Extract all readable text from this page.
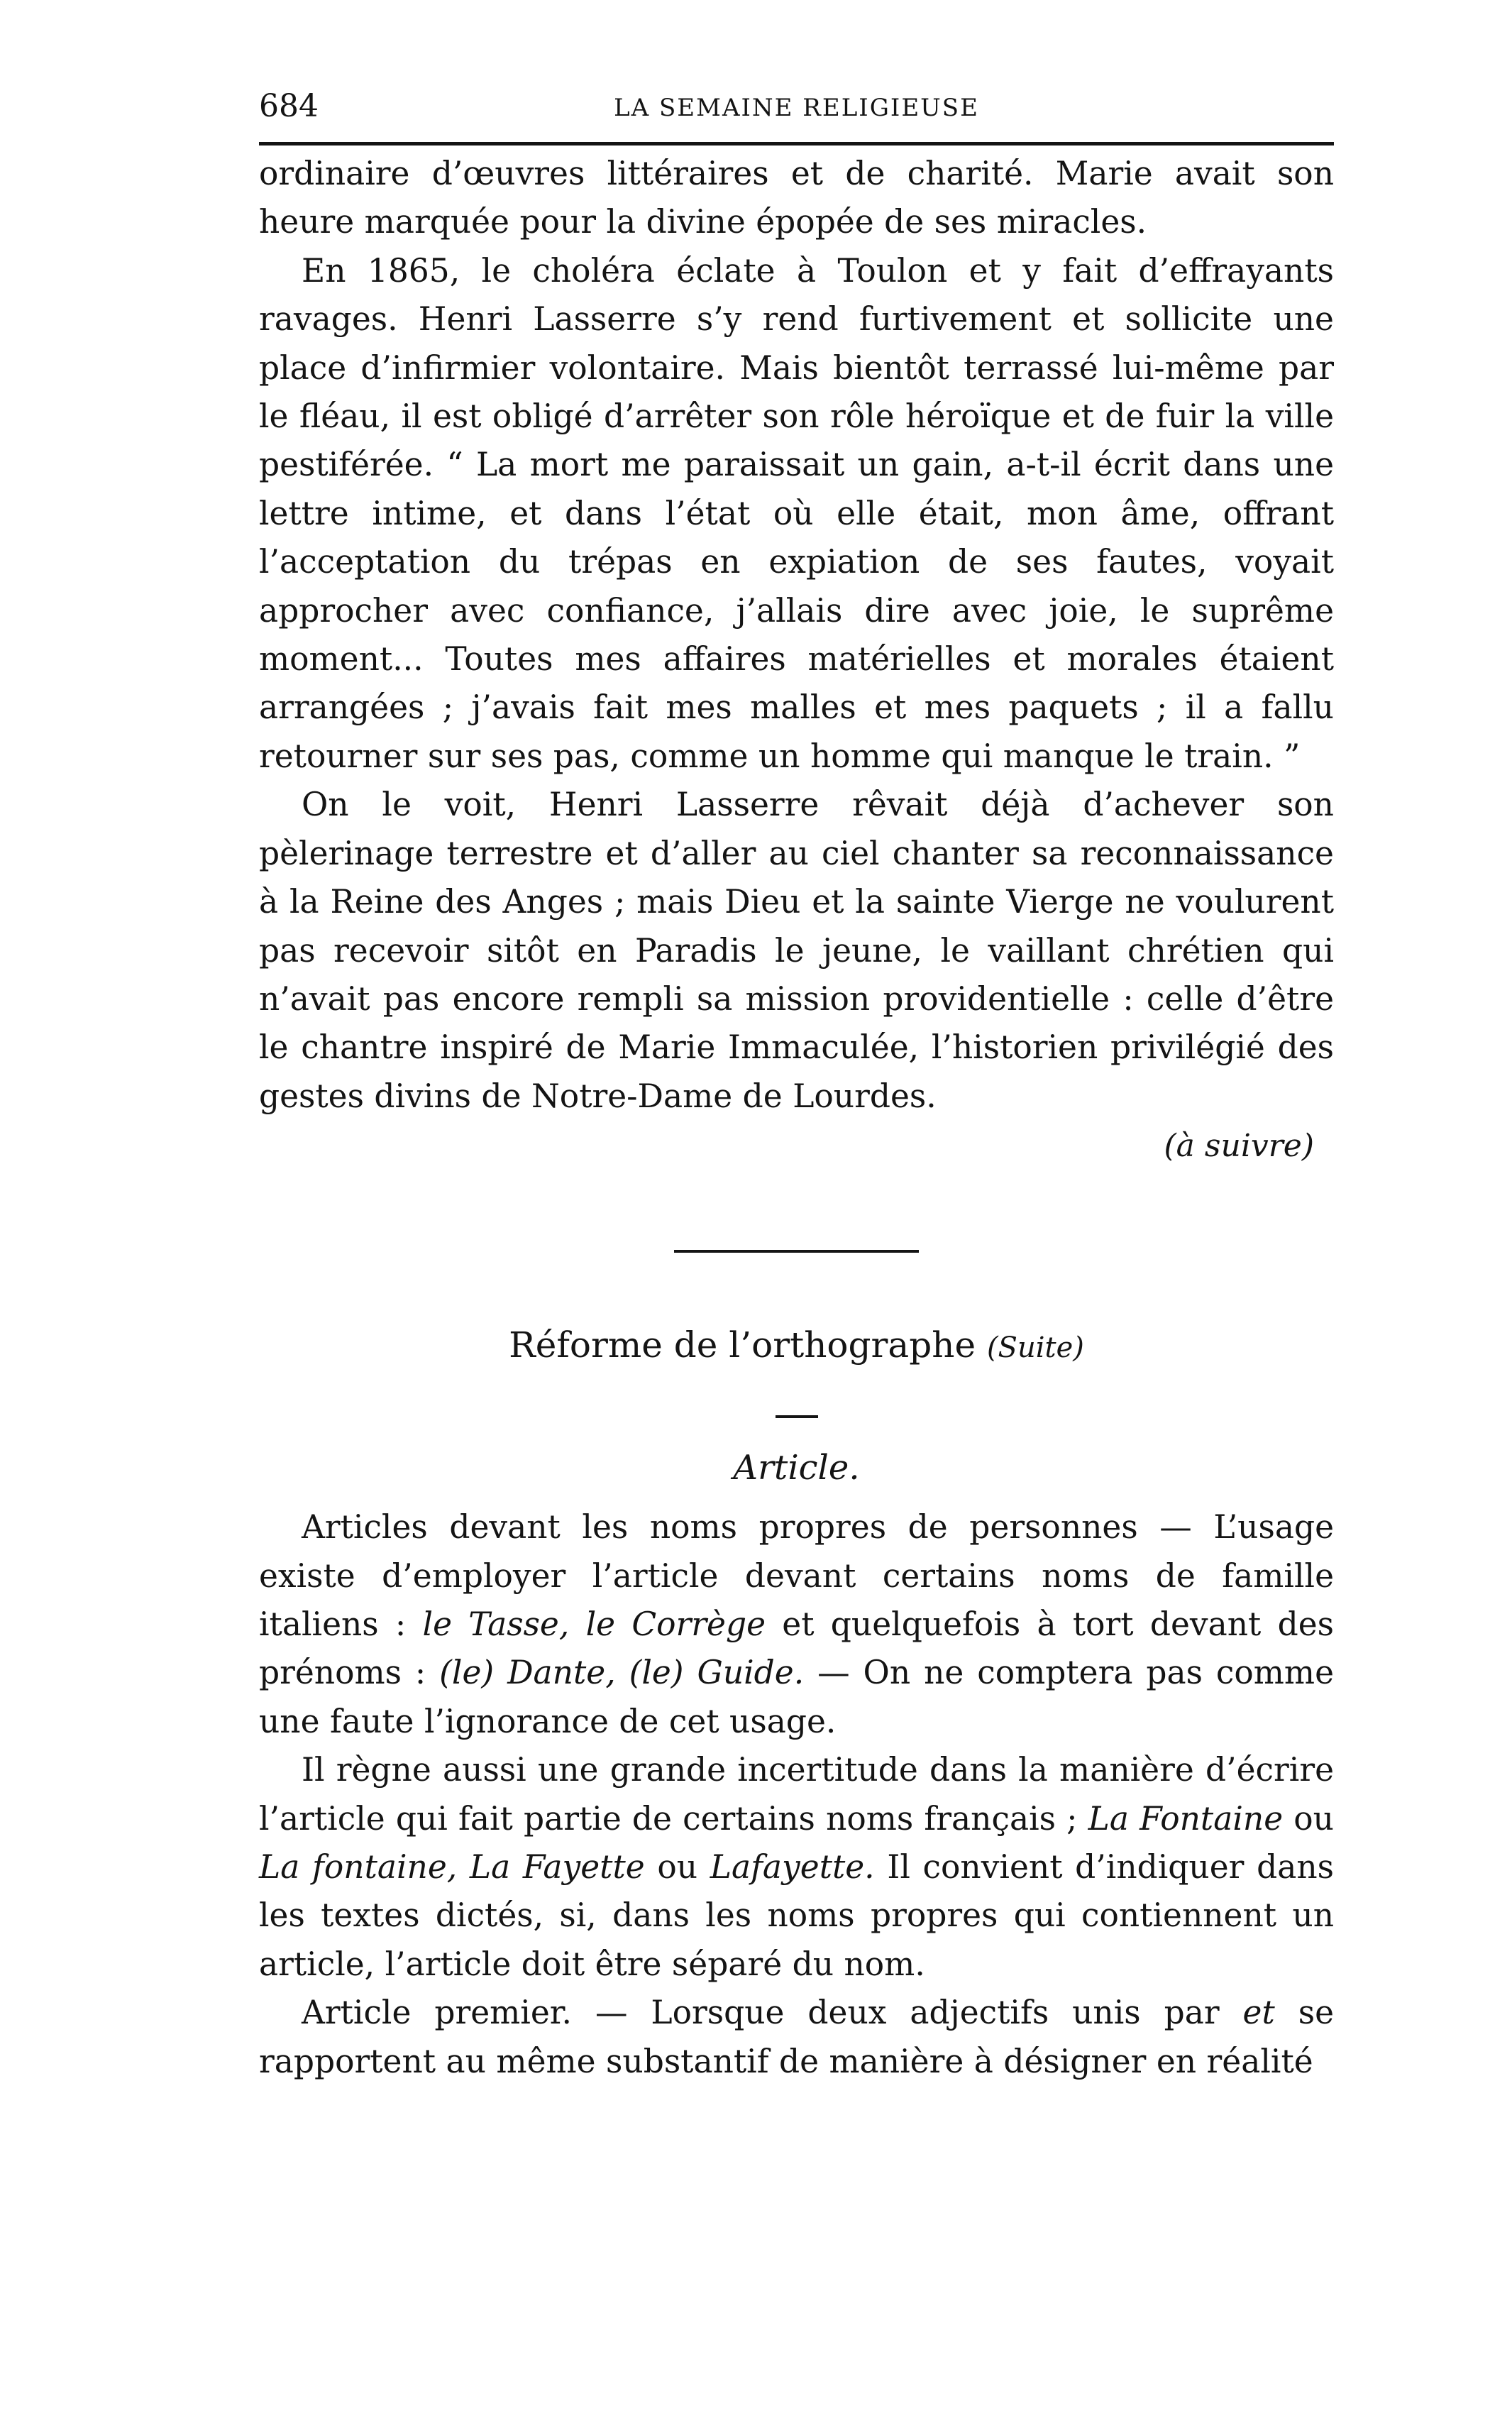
684	LA SEMAINE RELIGIEUSE

ordinaire d’œuvres littéraires et de charité. Marie avait son heure marquée pour la divine épopée de ses miracles.

En 1865, le choléra éclate à Toulon et y fait d’effrayants ravages. Henri Lasserre s’y rend furtivement et sollicite une place d’infirmier volontaire. Mais bientôt terrassé lui-même par le fléau, il est obligé d’arrêter son rôle héroïque et de fuir la ville pestiférée. “ La mort me paraissait un gain, a-t-il écrit dans une lettre intime, et dans l’état où elle était, mon âme, offrant l’acceptation du trépas en expiation de ses fautes, voyait approcher avec confiance, j’allais dire avec joie, le suprême moment... Toutes mes affaires matérielles et morales étaient arrangées ; j’avais fait mes malles et mes paquets ; il a fallu retourner sur ses pas, comme un homme qui manque le train. ”

On le voit, Henri Lasserre rêvait déjà d’achever son pèlerinage terrestre et d’aller au ciel chanter sa reconnaissance à la Reine des Anges ; mais Dieu et la sainte Vierge ne voulurent pas recevoir sitôt en Paradis le jeune, le vaillant chrétien qui n’avait pas encore rempli sa mission providentielle : celle d’être le chantre inspiré de Marie Immaculée, l’historien privilégié des gestes divins de Notre-Dame de Lourdes.

(à suivre)
Réforme de l’orthographe (Suite)
Article.

Articles devant les noms propres de personnes — L’usage existe d’employer l’article devant certains noms de famille italiens : le Tasse, le Corrège et quelquefois à tort devant des prénoms : (le) Dante, (le) Guide. — On ne comptera pas comme une faute l’ignorance de cet usage.

Il règne aussi une grande incertitude dans la manière d’écrire l’article qui fait partie de certains noms français ; La Fontaine ou La fontaine, La Fayette ou Lafayette. Il convient d’indiquer dans les textes dictés, si, dans les noms propres qui contiennent un article, l’article doit être séparé du nom.

Article premier. — Lorsque deux adjectifs unis par et se rapportent au même substantif de manière à désigner en réalité
